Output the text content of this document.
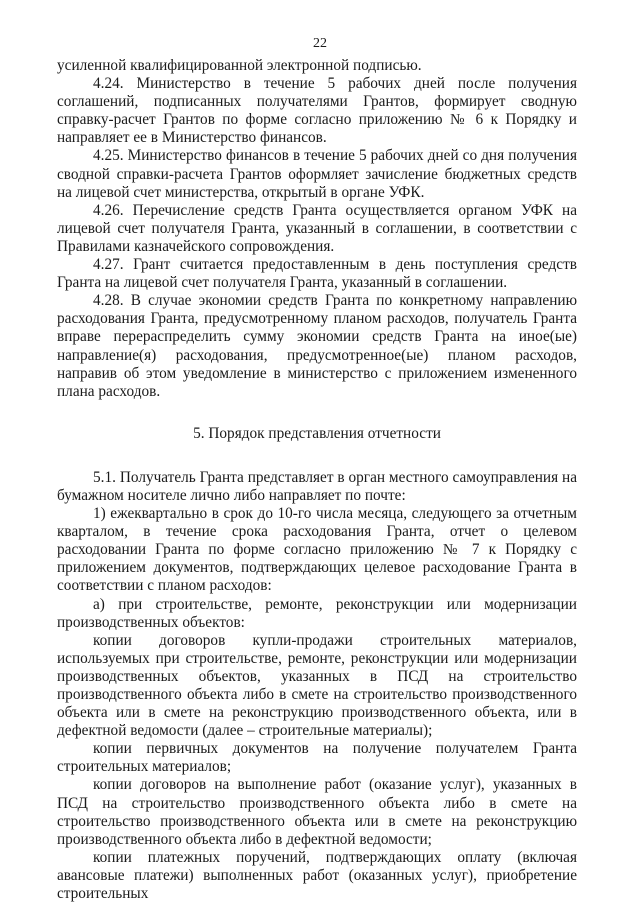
22

усиленной квалифицированной электронной подписью.

4.24. Министерство в течение 5 рабочих дней после получения соглашений, подписанных получателями Грантов, формирует сводную справку-расчет Грантов по форме согласно приложению № 6 к Порядку и направляет ее в Министерство финансов.

4.25. Министерство финансов в течение 5 рабочих дней со дня получения сводной справки-расчета Грантов оформляет зачисление бюджетных средств на лицевой счет министерства, открытый в органе УФК.

4.26. Перечисление средств Гранта осуществляется органом УФК на лицевой счет получателя Гранта, указанный в соглашении, в соответствии с Правилами казначейского сопровождения.

4.27. Грант считается предоставленным в день поступления средств Гранта на лицевой счет получателя Гранта, указанный в соглашении.

4.28. В случае экономии средств Гранта по конкретному направлению расходования Гранта, предусмотренному планом расходов, получатель Гранта вправе перераспределить сумму экономии средств Гранта на иное(ые) направление(я) расходования, предусмотренное(ые) планом расходов, направив об этом уведомление в министерство с приложением измененного плана расходов.

5. Порядок представления отчетности

5.1. Получатель Гранта представляет в орган местного самоуправления на бумажном носителе лично либо направляет по почте:

1) ежеквартально в срок до 10-го числа месяца, следующего за отчетным кварталом, в течение срока расходования Гранта, отчет о целевом расходовании Гранта по форме согласно приложению № 7 к Порядку с приложением документов, подтверждающих целевое расходование Гранта в соответствии с планом расходов:

а) при строительстве, ремонте, реконструкции или модернизации производственных объектов:

копии договоров купли-продажи строительных материалов, используемых при строительстве, ремонте, реконструкции или модернизации производственных объектов, указанных в ПСД на строительство производственного объекта либо в смете на строительство производственного объекта или в смете на реконструкцию производственного объекта, или в дефектной ведомости (далее – строительные материалы);

копии первичных документов на получение получателем Гранта строительных материалов;

копии договоров на выполнение работ (оказание услуг), указанных в ПСД на строительство производственного объекта либо в смете на строительство производственного объекта или в смете на реконструкцию производственного объекта либо в дефектной ведомости;

копии платежных поручений, подтверждающих оплату (включая авансовые платежи) выполненных работ (оказанных услуг), приобретение строительных
